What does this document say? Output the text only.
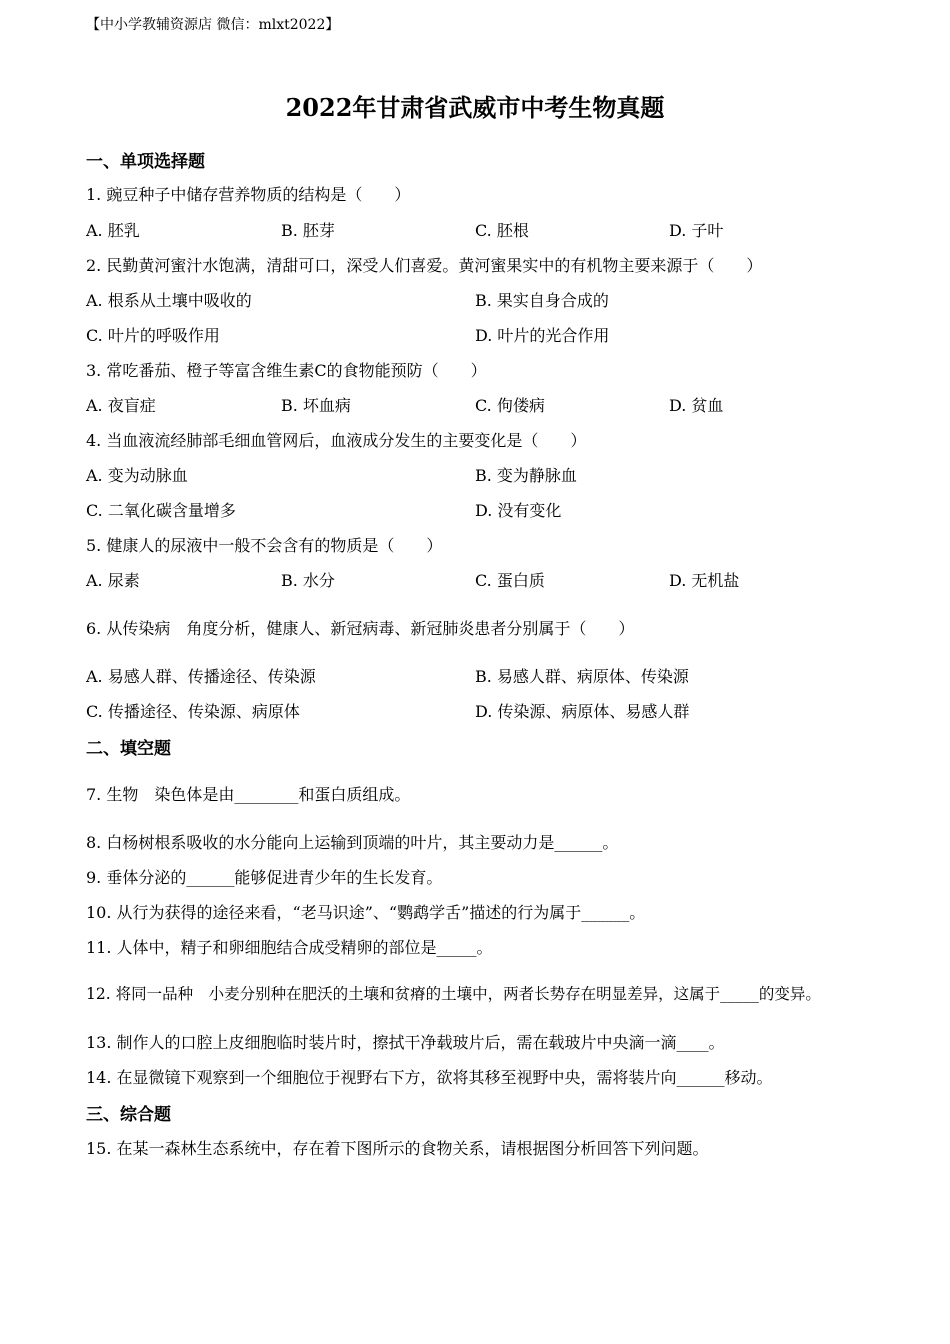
【中小学教辅资源店 微信：mlxt2022】
2022年甘肃省武威市中考生物真题
一、单项选择题
1. 豌豆种子中储存营养物质的结构是（　　）
A. 胚乳	B. 胚芽	C. 胚根	D. 子叶
2. 民勤黄河蜜汁水饱满，清甜可口，深受人们喜爱。黄河蜜果实中的有机物主要来源于（　　）
A. 根系从土壤中吸收的	B. 果实自身合成的
C. 叶片的呼吸作用	D. 叶片的光合作用
3. 常吃番茄、橙子等富含维生素C的食物能预防（　　）
A. 夜盲症	B. 坏血病	C. 佝偻病	D. 贫血
4. 当血液流经肺部毛细血管网后，血液成分发生的主要变化是（　　）
A. 变为动脉血	B. 变为静脉血
C. 二氧化碳含量增多	D. 没有变化
5. 健康人的尿液中一般不会含有的物质是（　　）
A. 尿素	B. 水分	C. 蛋白质	D. 无机盐
6. 从传染病　角度分析，健康人、新冠病毒、新冠肺炎患者分别属于（　　）
A. 易感人群、传播途径、传染源	B. 易感人群、病原体、传染源
C. 传播途径、传染源、病原体	D. 传染源、病原体、易感人群
二、填空题
7. 生物　染色体是由________和蛋白质组成。
8. 白杨树根系吸收的水分能向上运输到顶端的叶片，其主要动力是______。
9. 垂体分泌的______能够促进青少年的生长发育。
10. 从行为获得的途径来看，“老马识途”、“鹦鹉学舌”描述的行为属于______。
11. 人体中，精子和卵细胞结合成受精卵的部位是_____。
12. 将同一品种　小麦分别种在肥沃的土壤和贫瘠的土壤中，两者长势存在明显差异，这属于_____的变异。
13. 制作人的口腔上皮细胞临时装片时，擦拭干净载玻片后，需在载玻片中央滴一滴____。
14. 在显微镜下观察到一个细胞位于视野右下方，欲将其移至视野中央，需将装片向______移动。
三、综合题
15. 在某一森林生态系统中，存在着下图所示的食物关系，请根据图分析回答下列问题。
